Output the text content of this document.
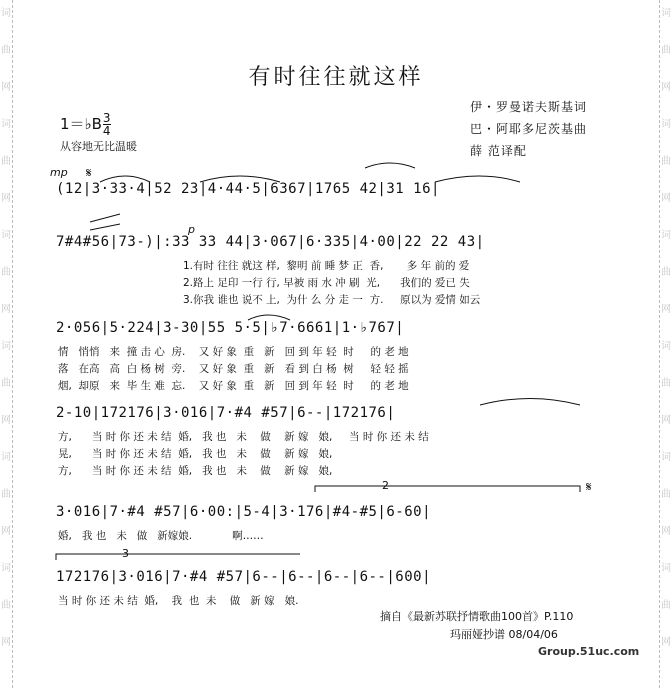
词
曲
网
词
曲
网
词
曲
网
词
曲
网
词
曲
网
词
曲
网
词
曲
网
词
曲
网
词
曲
网
词
曲
网
词
曲
网
词
曲
网
有时往往就这样
伊・罗曼诺夫斯基词
巴・阿耶多尼茨基曲
薛 范译配
1＝♭B $\frac{3}{4}$
从容地无比温暖
mp 𝄋
p
𝄋
(12|3·33·4|52 23|4·44·5|6367|1765 42|31 16|
7#4#56|73-)|:33 33 44|3·067|6·335|4·00|22 22 43|
1.有时 往往 就这 样,  黎明 前 睡 梦 正  香,       多 年 前的 爱
2.路上 足印 一行 行, 早被 雨 水 冲 刷  光,      我们的 爱已 失
3.你我 谁也 说不 上,  为什 么 分 走 一  方.     原以为 爱情 如云
2·056|5·224|3-30|55 5·5|♭7·6661|1·♭767|
情   悄悄   来  撞 击 心  房.    又 好 象  重   新   回 到 年 轻  时     的 老 地
落   在高   高  白 杨 树  旁.    又 好 象  重   新   看 到 白 杨  树     轻 轻 摇
烟,  却原   来  毕 生 难  忘.    又 好 象  重   新   回 到 年 轻  时     的 老 地
2-10|172176|3·016|7·#4 #57|6--|172176|
方,      当 时 你 还 未 结  婚,   我 也   未    做    新 嫁   娘,     当 时 你 还 未 结
晃,      当 时 你 还 未 结  婚,   我 也   未    做    新 嫁   娘,
方,      当 时 你 还 未 结  婚,   我 也   未    做    新 嫁   娘,
3·016|7·#4 #57|6·00:|5-4|3·176|#4-#5|6-60|
婚,   我 也   未   做   新嫁娘.            啊……
172176|3·016|7·#4 #57|6--|6--|6--|6--|600|
当 时 你 还 未 结  婚,    我  也  未    做   新 嫁   娘.
2
3
摘自《最新苏联抒情歌曲100首》P.110
玛丽娅抄谱 08/04/06
Group.51uc.com
